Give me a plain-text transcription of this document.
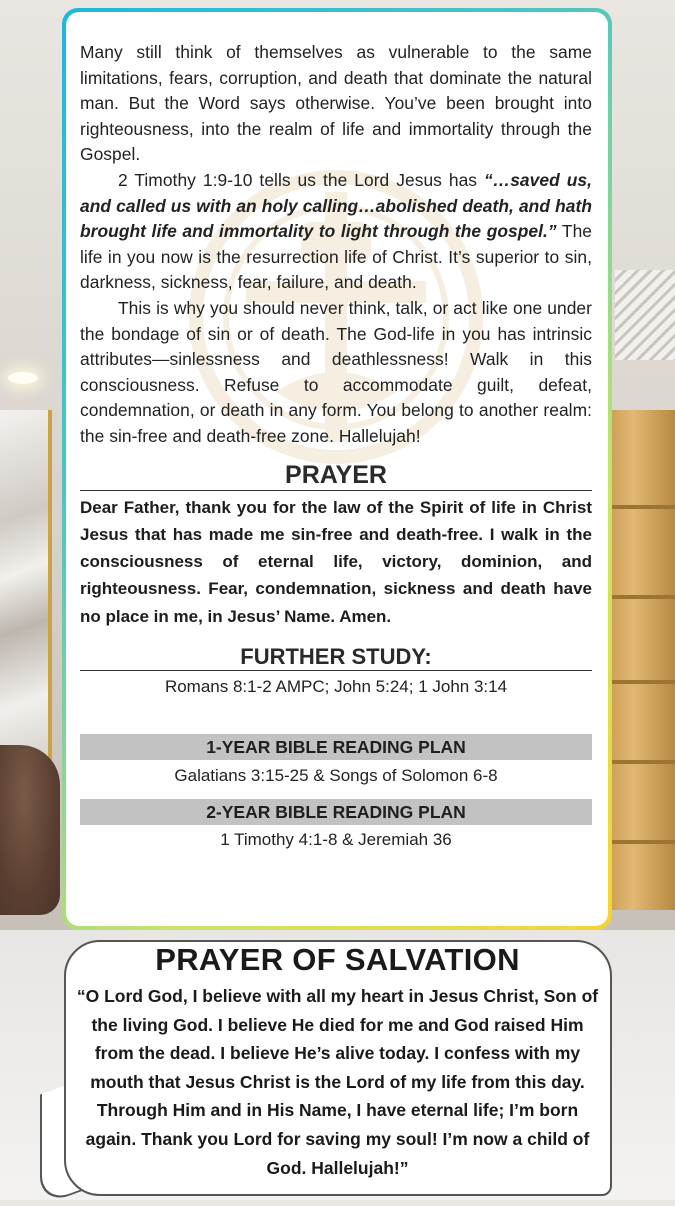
Many still think of themselves as vulnerable to the same limitations, fears, corruption, and death that dominate the natural man. But the Word says otherwise. You’ve been brought into righteousness, into the realm of life and immortality through the Gospel.

2 Timothy 1:9-10 tells us the Lord Jesus has “…saved us, and called us with an holy calling…abolished death, and hath brought life and immortality to light through the gospel.” The life in you now is the resurrection life of Christ. It’s superior to sin, darkness, sickness, fear, failure, and death.

This is why you should never think, talk, or act like one under the bondage of sin or of death. The God-life in you has intrinsic attributes—sinlessness and deathlessness! Walk in this consciousness. Refuse to accommodate guilt, defeat, condemnation, or death in any form. You belong to another realm: the sin-free and death-free zone. Hallelujah!

PRAYER
Dear Father, thank you for the law of the Spirit of life in Christ Jesus that has made me sin-free and death-free. I walk in the consciousness of eternal life, victory, dominion, and righteousness. Fear, condemnation, sickness and death have no place in me, in Jesus’ Name. Amen.
FURTHER STUDY:
Romans 8:1-2 AMPC; John 5:24; 1 John 3:14
1-YEAR BIBLE READING PLAN
Galatians 3:15-25 & Songs of Solomon 6-8
2-YEAR BIBLE READING PLAN
1 Timothy 4:1-8 & Jeremiah 36
PRAYER OF SALVATION
“O Lord God, I believe with all my heart in Jesus Christ, Son of the living God. I believe He died for me and God raised Him from the dead. I believe He’s alive today. I confess with my mouth that Jesus Christ is the Lord of my life from this day. Through Him and in His Name, I have eternal life; I’m born again. Thank you Lord for saving my soul! I’m now a child of God. Hallelujah!”
